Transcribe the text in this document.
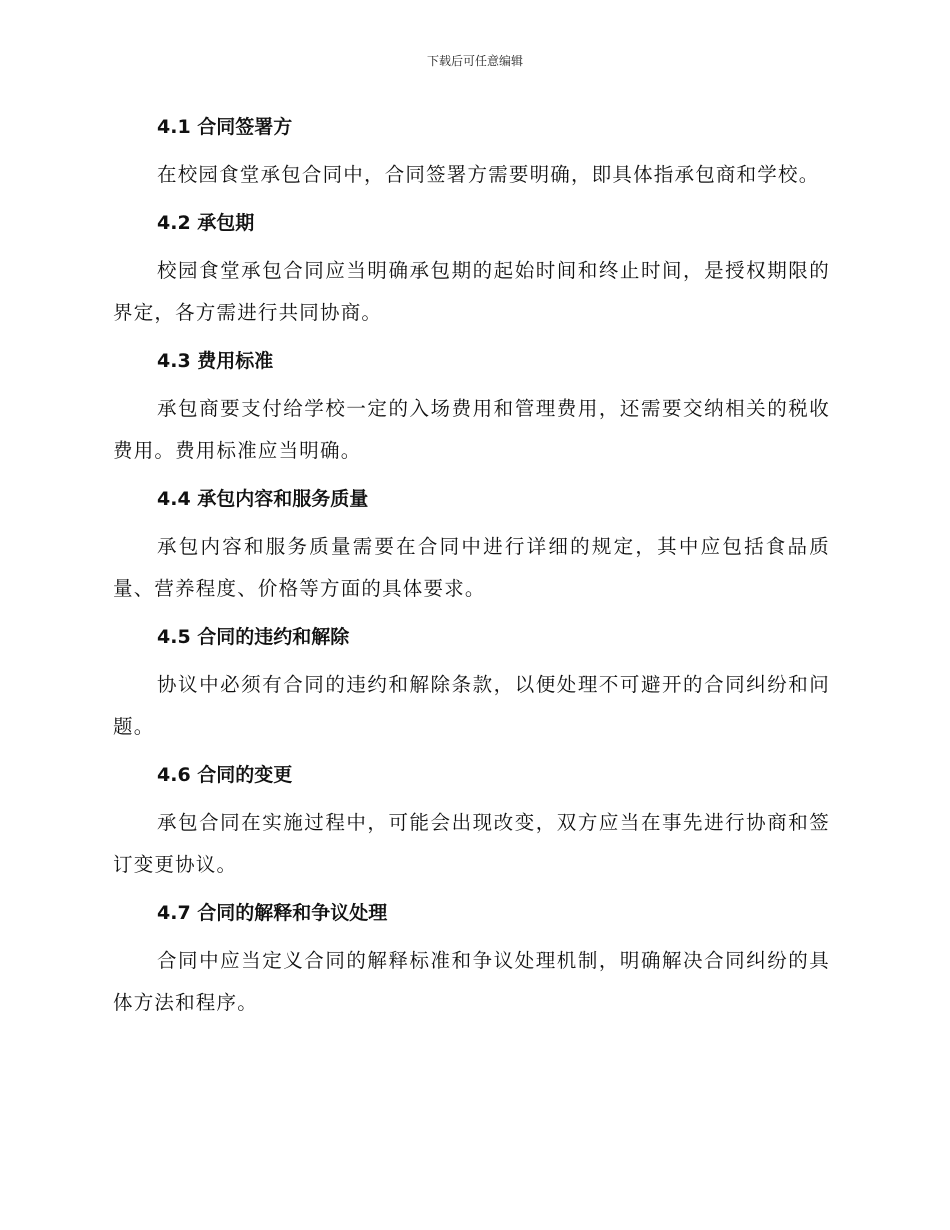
下载后可任意编辑
4.1 合同签署方

在校园食堂承包合同中，合同签署方需要明确，即具体指承包商和学校。

4.2 承包期

校园食堂承包合同应当明确承包期的起始时间和终止时间，是授权期限的界定，各方需进行共同协商。

4.3 费用标准

承包商要支付给学校一定的入场费用和管理费用，还需要交纳相关的税收费用。费用标准应当明确。

4.4 承包内容和服务质量

承包内容和服务质量需要在合同中进行详细的规定，其中应包括食品质量、营养程度、价格等方面的具体要求。

4.5 合同的违约和解除

协议中必须有合同的违约和解除条款，以便处理不可避开的合同纠纷和问题。

4.6 合同的变更

承包合同在实施过程中，可能会出现改变，双方应当在事先进行协商和签订变更协议。

4.7 合同的解释和争议处理

合同中应当定义合同的解释标准和争议处理机制，明确解决合同纠纷的具体方法和程序。
